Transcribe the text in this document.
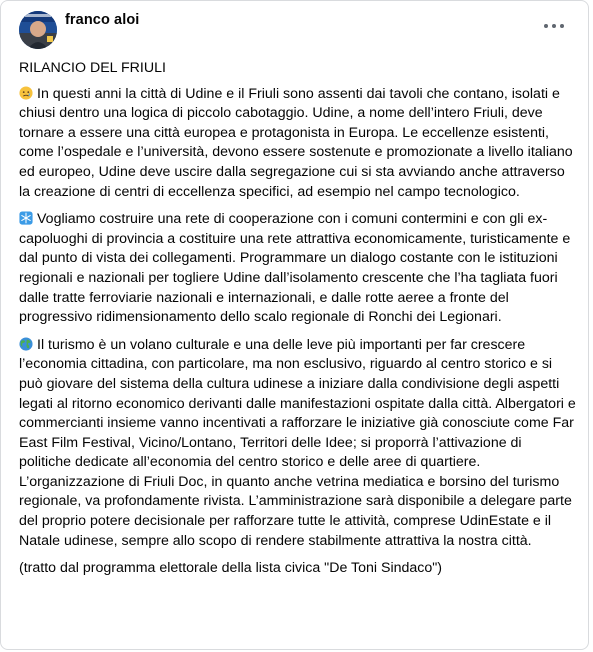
franco aloi

RILANCIO DEL FRIULI

In questi anni la città di Udine e il Friuli sono assenti dai tavoli che contano, isolati e chiusi dentro una logica di piccolo cabotaggio. Udine, a nome dell’intero Friuli, deve tornare a essere una città europea e protagonista in Europa. Le eccellenze esistenti, come l’ospedale e l’università, devono essere sostenute e promozionate a livello italiano ed europeo, Udine deve uscire dalla segregazione cui si sta avviando anche attraverso la creazione di centri di eccellenza specifici, ad esempio nel campo tecnologico.

Vogliamo costruire una rete di cooperazione con i comuni contermini e con gli ex-capoluoghi di provincia a costituire una rete attrattiva economicamente, turisticamente e dal punto di vista dei collegamenti. Programmare un dialogo costante con le istituzioni regionali e nazionali per togliere Udine dall’isolamento crescente che l’ha tagliata fuori dalle tratte ferroviarie nazionali e internazionali, e dalle rotte aeree a fronte del progressivo ridimensionamento dello scalo regionale di Ronchi dei Legionari.

Il turismo è un volano culturale e una delle leve più importanti per far crescere l’economia cittadina, con particolare, ma non esclusivo, riguardo al centro storico e si può giovare del sistema della cultura udinese a iniziare dalla condivisione degli aspetti legati al ritorno economico derivanti dalle manifestazioni ospitate dalla città. Albergatori e commercianti insieme vanno incentivati a rafforzare le iniziative già conosciute come Far East Film Festival, Vicino/Lontano, Territori delle Idee; si proporrà l’attivazione di politiche dedicate all’economia del centro storico e delle aree di quartiere. L’organizzazione di Friuli Doc, in quanto anche vetrina mediatica e borsino del turismo regionale, va profondamente rivista. L’amministrazione sarà disponibile a delegare parte del proprio potere decisionale per rafforzare tutte le attività, comprese UdinEstate e il Natale udinese, sempre allo scopo di rendere stabilmente attrattiva la nostra città.

(tratto dal programma elettorale della lista civica "De Toni Sindaco")
